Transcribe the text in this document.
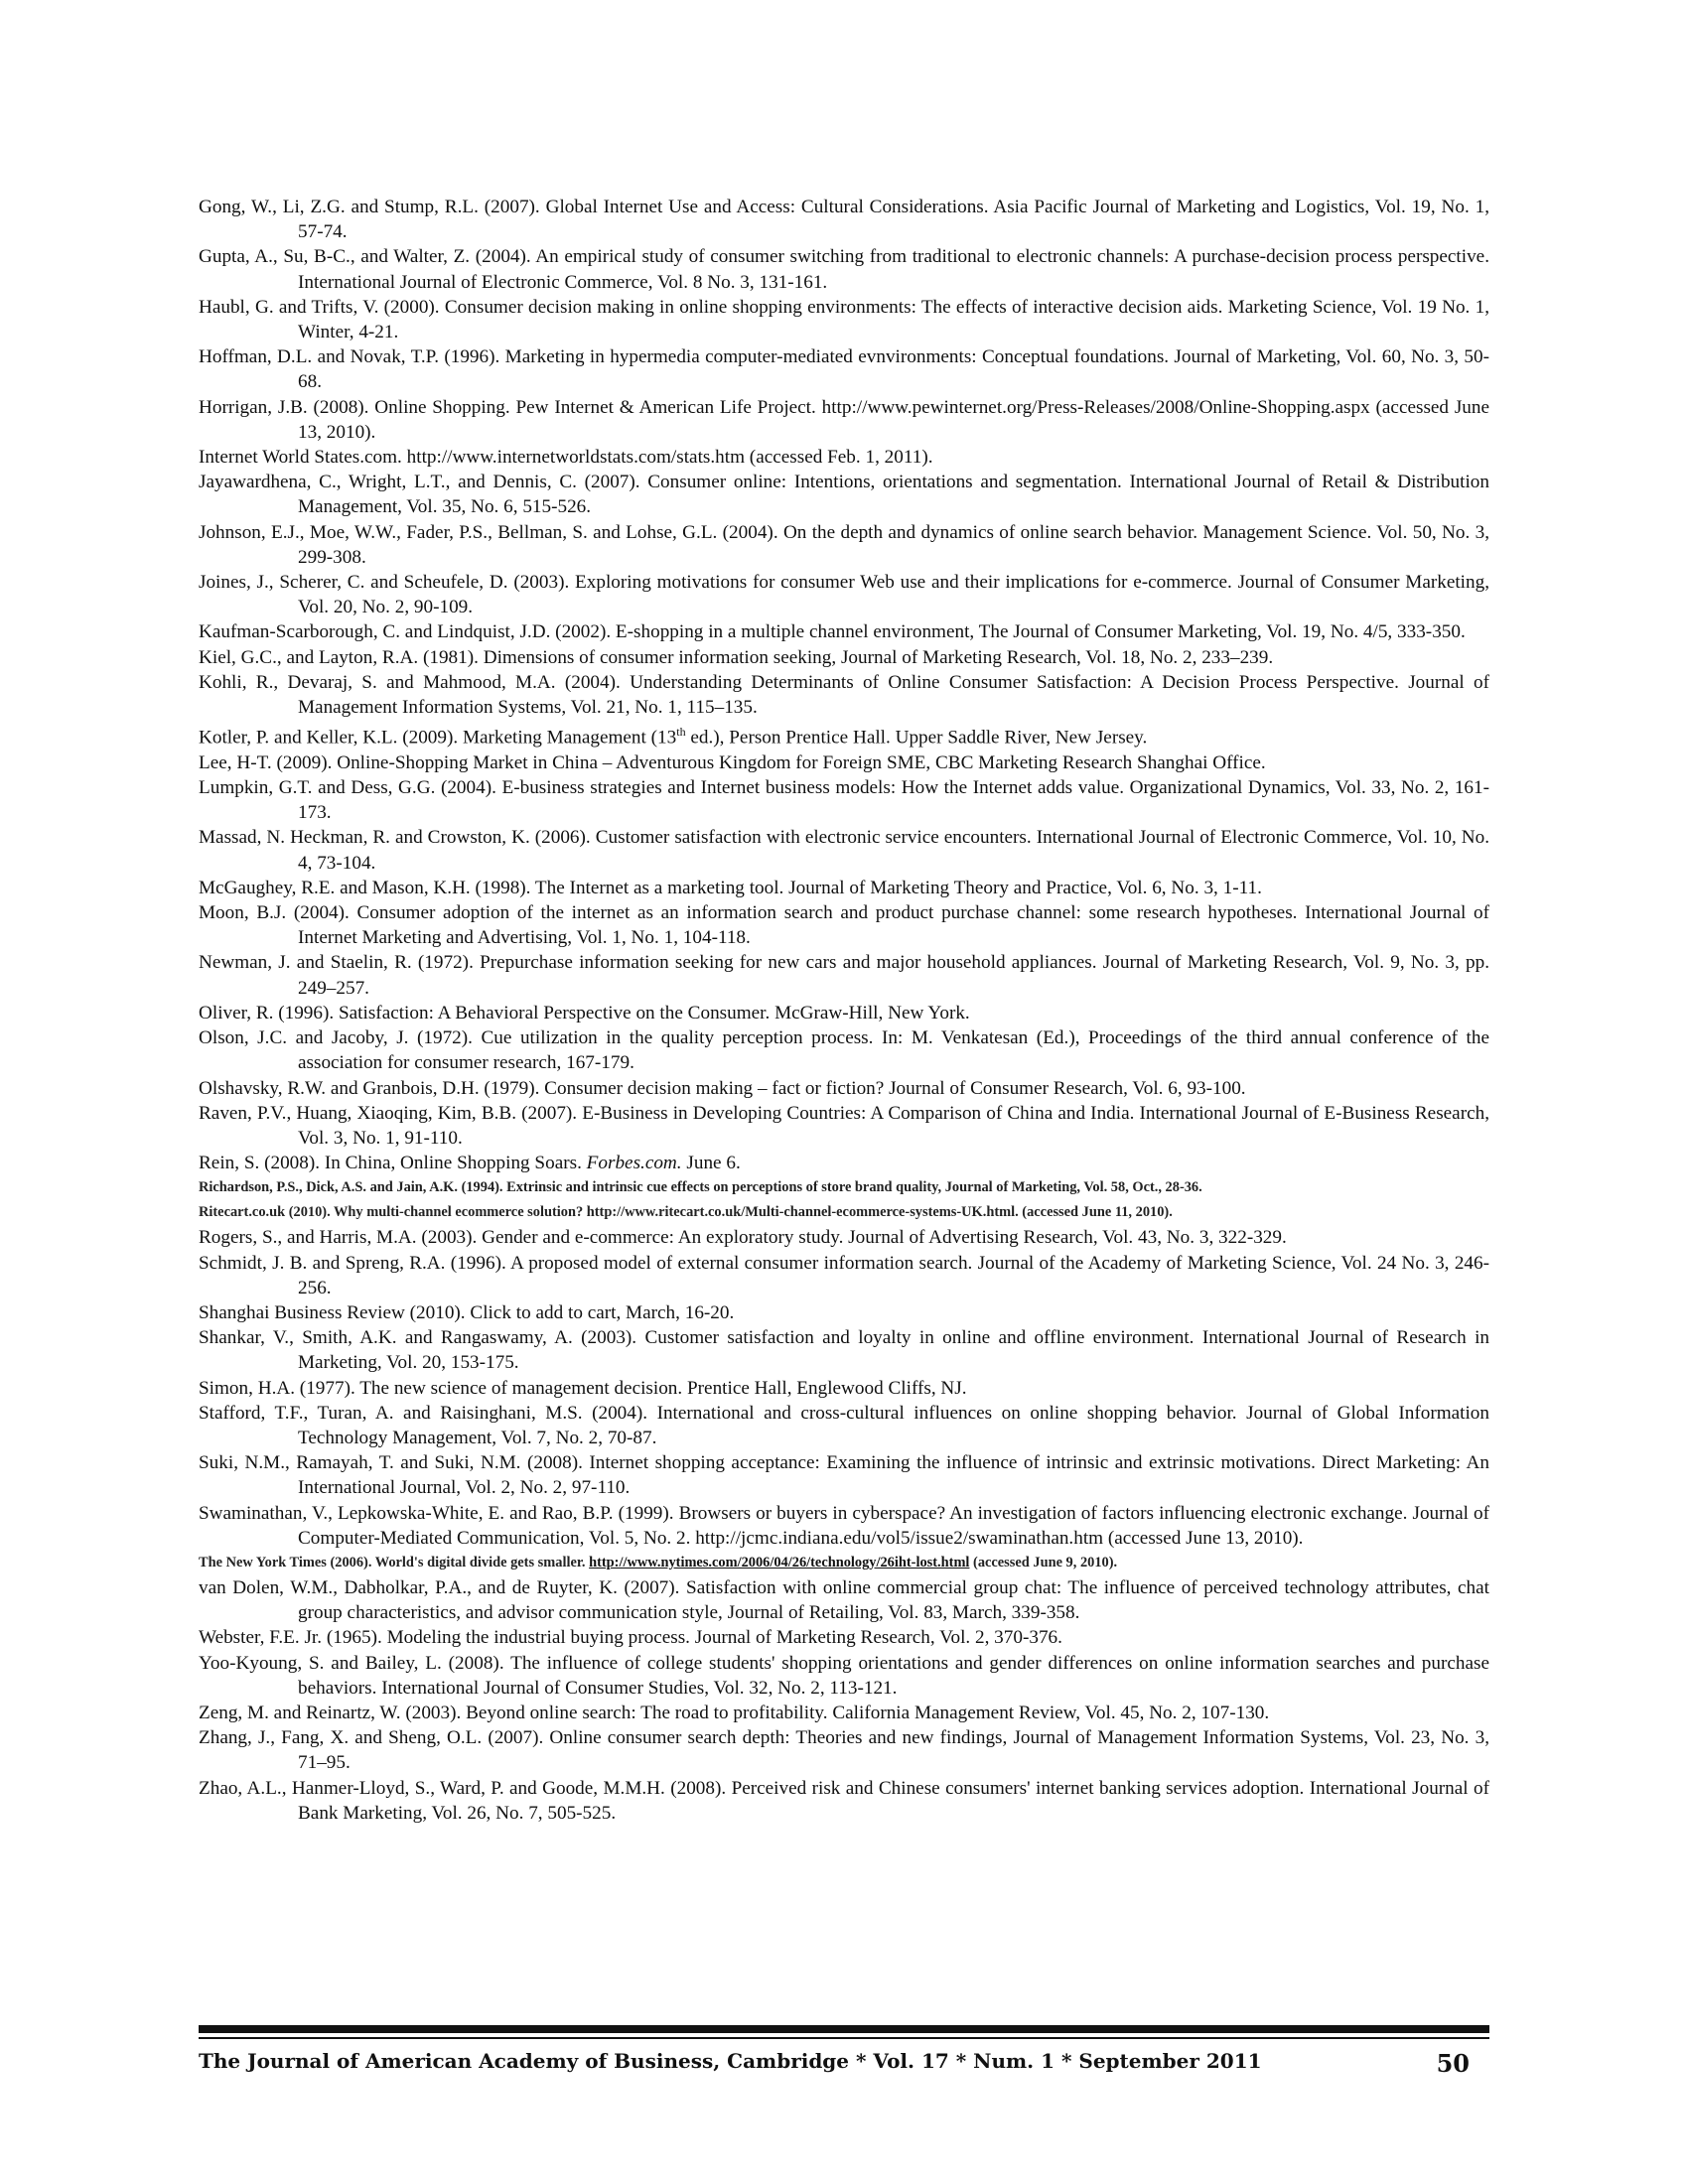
Gong, W., Li, Z.G. and Stump, R.L. (2007). Global Internet Use and Access: Cultural Considerations. Asia Pacific Journal of Marketing and Logistics, Vol. 19, No. 1, 57-74.

Gupta, A., Su, B-C., and Walter, Z. (2004). An empirical study of consumer switching from traditional to electronic channels: A purchase-decision process perspective. International Journal of Electronic Commerce, Vol. 8 No. 3, 131-161.

Haubl, G. and Trifts, V. (2000). Consumer decision making in online shopping environments: The effects of interactive decision aids. Marketing Science, Vol. 19 No. 1, Winter, 4-21.

Hoffman, D.L. and Novak, T.P. (1996). Marketing in hypermedia computer-mediated evnvironments: Conceptual foundations. Journal of Marketing, Vol. 60, No. 3, 50-68.

Horrigan, J.B. (2008). Online Shopping. Pew Internet & American Life Project. http://www.pewinternet.org/Press-Releases/2008/Online-Shopping.aspx (accessed June 13, 2010).

Internet World States.com. http://www.internetworldstats.com/stats.htm (accessed Feb. 1, 2011).

Jayawardhena, C., Wright, L.T., and Dennis, C. (2007). Consumer online: Intentions, orientations and segmentation. International Journal of Retail & Distribution Management, Vol. 35, No. 6, 515-526.

Johnson, E.J., Moe, W.W., Fader, P.S., Bellman, S. and Lohse, G.L. (2004). On the depth and dynamics of online search behavior. Management Science. Vol. 50, No. 3, 299-308.

Joines, J., Scherer, C. and Scheufele, D. (2003). Exploring motivations for consumer Web use and their implications for e-commerce. Journal of Consumer Marketing, Vol. 20, No. 2, 90-109.

Kaufman-Scarborough, C. and Lindquist, J.D. (2002). E-shopping in a multiple channel environment, The Journal of Consumer Marketing, Vol. 19, No. 4/5, 333-350.

Kiel, G.C., and Layton, R.A. (1981). Dimensions of consumer information seeking, Journal of Marketing Research, Vol. 18, No. 2, 233–239.

Kohli, R., Devaraj, S. and Mahmood, M.A. (2004). Understanding Determinants of Online Consumer Satisfaction: A Decision Process Perspective. Journal of Management Information Systems, Vol. 21, No. 1, 115–135.

Kotler, P. and Keller, K.L. (2009). Marketing Management (13th ed.), Person Prentice Hall. Upper Saddle River, New Jersey.

Lee, H-T. (2009). Online-Shopping Market in China – Adventurous Kingdom for Foreign SME, CBC Marketing Research Shanghai Office.

Lumpkin, G.T. and Dess, G.G. (2004). E-business strategies and Internet business models: How the Internet adds value. Organizational Dynamics, Vol. 33, No. 2, 161-173.

Massad, N. Heckman, R. and Crowston, K. (2006). Customer satisfaction with electronic service encounters. International Journal of Electronic Commerce, Vol. 10, No. 4, 73-104.

McGaughey, R.E. and Mason, K.H. (1998). The Internet as a marketing tool. Journal of Marketing Theory and Practice, Vol. 6, No. 3, 1-11.

Moon, B.J. (2004). Consumer adoption of the internet as an information search and product purchase channel: some research hypotheses. International Journal of Internet Marketing and Advertising, Vol. 1, No. 1, 104-118.

Newman, J. and Staelin, R. (1972). Prepurchase information seeking for new cars and major household appliances. Journal of Marketing Research, Vol. 9, No. 3, pp. 249–257.

Oliver, R. (1996). Satisfaction: A Behavioral Perspective on the Consumer. McGraw-Hill, New York.

Olson, J.C. and Jacoby, J. (1972). Cue utilization in the quality perception process. In: M. Venkatesan (Ed.), Proceedings of the third annual conference of the association for consumer research, 167-179.

Olshavsky, R.W. and Granbois, D.H. (1979). Consumer decision making – fact or fiction? Journal of Consumer Research, Vol. 6, 93-100.

Raven, P.V., Huang, Xiaoqing, Kim, B.B. (2007). E-Business in Developing Countries: A Comparison of China and India. International Journal of E-Business Research, Vol. 3, No. 1, 91-110.

Rein, S. (2008). In China, Online Shopping Soars. Forbes.com. June 6.

Richardson, P.S., Dick, A.S. and Jain, A.K. (1994). Extrinsic and intrinsic cue effects on perceptions of store brand quality, Journal of Marketing, Vol. 58, Oct., 28-36.

Ritecart.co.uk (2010). Why multi-channel ecommerce solution? http://www.ritecart.co.uk/Multi-channel-ecommerce-systems-UK.html. (accessed June 11, 2010).

Rogers, S., and Harris, M.A. (2003). Gender and e-commerce: An exploratory study. Journal of Advertising Research, Vol. 43, No. 3, 322-329.

Schmidt, J. B. and Spreng, R.A. (1996). A proposed model of external consumer information search. Journal of the Academy of Marketing Science, Vol. 24 No. 3, 246-256.

Shanghai Business Review (2010). Click to add to cart, March, 16-20.

Shankar, V., Smith, A.K. and Rangaswamy, A. (2003). Customer satisfaction and loyalty in online and offline environment. International Journal of Research in Marketing, Vol. 20, 153-175.

Simon, H.A. (1977). The new science of management decision. Prentice Hall, Englewood Cliffs, NJ.

Stafford, T.F., Turan, A. and Raisinghani, M.S. (2004). International and cross-cultural influences on online shopping behavior. Journal of Global Information Technology Management, Vol. 7, No. 2, 70-87.

Suki, N.M., Ramayah, T. and Suki, N.M. (2008). Internet shopping acceptance: Examining the influence of intrinsic and extrinsic motivations. Direct Marketing: An International Journal, Vol. 2, No. 2, 97-110.

Swaminathan, V., Lepkowska-White, E. and Rao, B.P. (1999). Browsers or buyers in cyberspace? An investigation of factors influencing electronic exchange. Journal of Computer-Mediated Communication, Vol. 5, No. 2. http://jcmc.indiana.edu/vol5/issue2/swaminathan.htm (accessed June 13, 2010).

The New York Times (2006). World's digital divide gets smaller. http://www.nytimes.com/2006/04/26/technology/26iht-lost.html (accessed June 9, 2010).

van Dolen, W.M., Dabholkar, P.A., and de Ruyter, K. (2007). Satisfaction with online commercial group chat: The influence of perceived technology attributes, chat group characteristics, and advisor communication style, Journal of Retailing, Vol. 83, March, 339-358.

Webster, F.E. Jr. (1965). Modeling the industrial buying process. Journal of Marketing Research, Vol. 2, 370-376.

Yoo-Kyoung, S. and Bailey, L. (2008). The influence of college students' shopping orientations and gender differences on online information searches and purchase behaviors. International Journal of Consumer Studies, Vol. 32, No. 2, 113-121.

Zeng, M. and Reinartz, W. (2003). Beyond online search: The road to profitability. California Management Review, Vol. 45, No. 2, 107-130.

Zhang, J., Fang, X. and Sheng, O.L. (2007). Online consumer search depth: Theories and new findings, Journal of Management Information Systems, Vol. 23, No. 3, 71–95.

Zhao, A.L., Hanmer-Lloyd, S., Ward, P. and Goode, M.M.H. (2008). Perceived risk and Chinese consumers' internet banking services adoption. International Journal of Bank Marketing, Vol. 26, No. 7, 505-525.

The Journal of American Academy of Business, Cambridge * Vol. 17 * Num. 1 * September 2011	50
